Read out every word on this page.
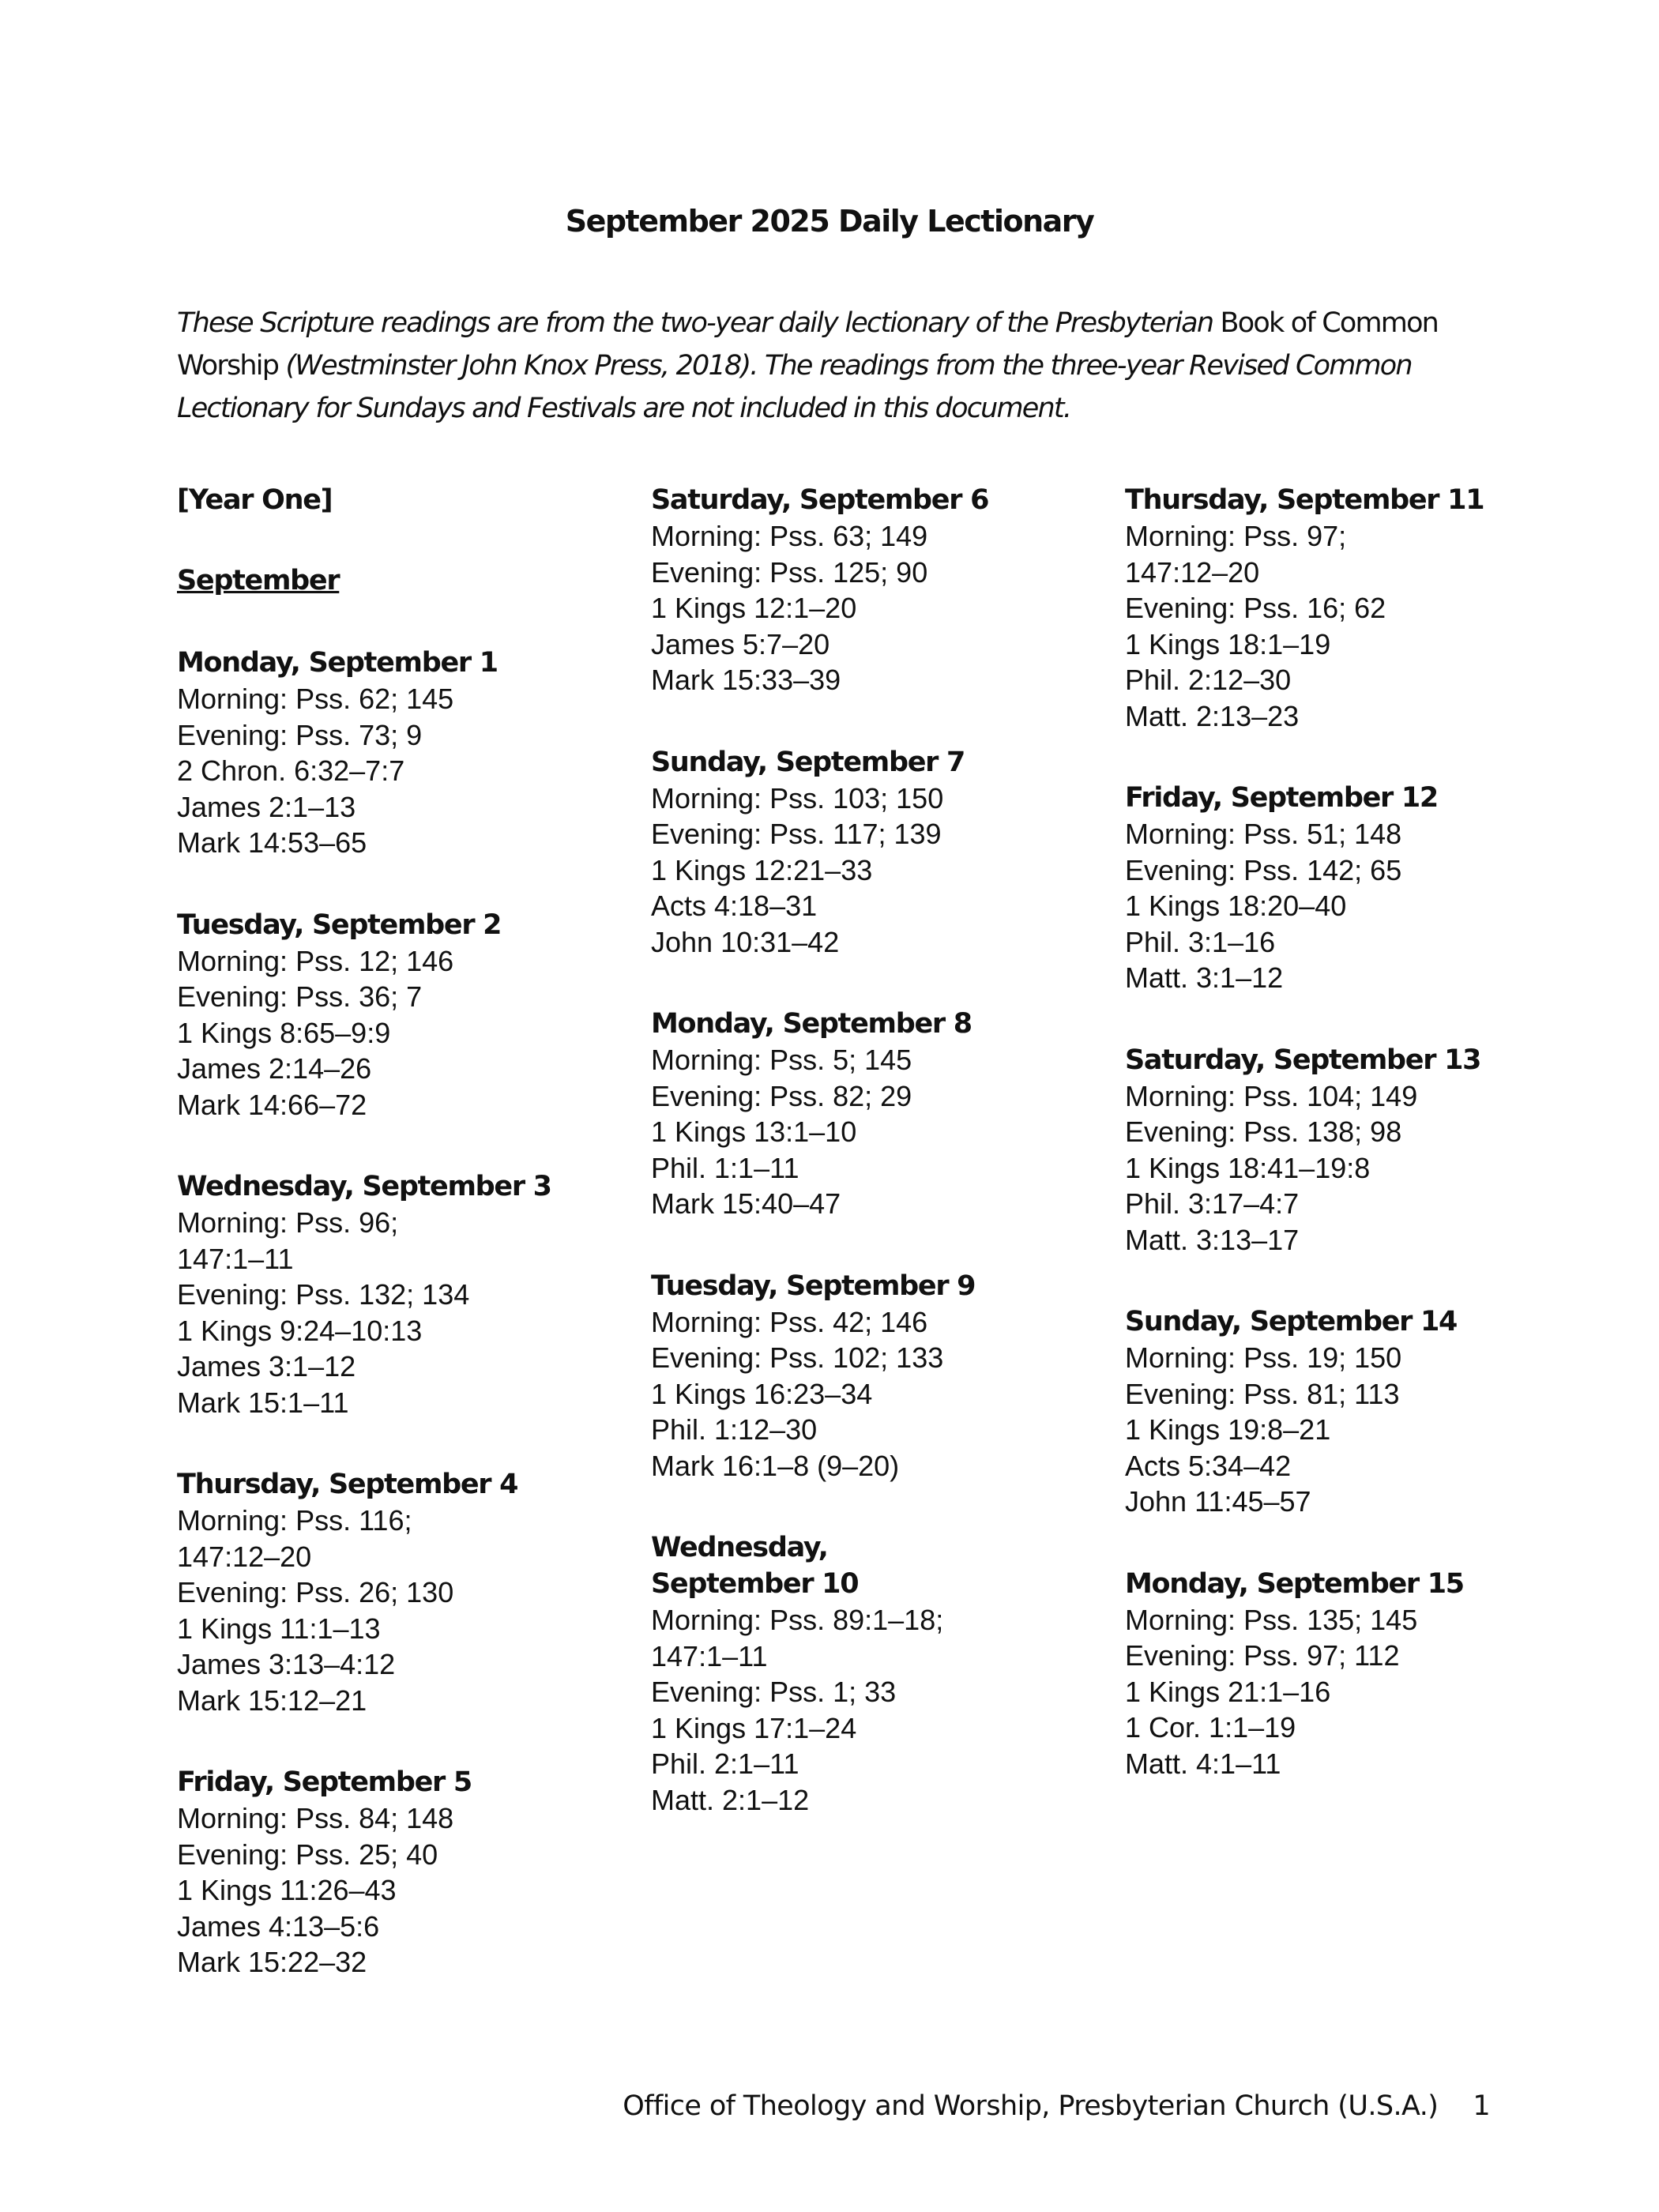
September 2025 Daily Lectionary
These Scripture readings are from the two-year daily lectionary of the Presbyterian Book of Common Worship (Westminster John Knox Press, 2018). The readings from the three-year Revised Common Lectionary for Sundays and Festivals are not included in this document.
[Year One]
September
Monday, September 1
Morning: Pss. 62; 145
Evening: Pss. 73; 9
2 Chron. 6:32–7:7
James 2:1–13
Mark 14:53–65
Tuesday, September 2
Morning: Pss. 12; 146
Evening: Pss. 36; 7
1 Kings 8:65–9:9
James 2:14–26
Mark 14:66–72
Wednesday, September 3
Morning: Pss. 96;
147:1–11
Evening: Pss. 132; 134
1 Kings 9:24–10:13
James 3:1–12
Mark 15:1–11
Thursday, September 4
Morning: Pss. 116;
147:12–20
Evening: Pss. 26; 130
1 Kings 11:1–13
James 3:13–4:12
Mark 15:12–21
Friday, September 5
Morning: Pss. 84; 148
Evening: Pss. 25; 40
1 Kings 11:26–43
James 4:13–5:6
Mark 15:22–32
Saturday, September 6
Morning: Pss. 63; 149
Evening: Pss. 125; 90
1 Kings 12:1–20
James 5:7–20
Mark 15:33–39
Sunday, September 7
Morning: Pss. 103; 150
Evening: Pss. 117; 139
1 Kings 12:21–33
Acts 4:18–31
John 10:31–42
Monday, September 8
Morning: Pss. 5; 145
Evening: Pss. 82; 29
1 Kings 13:1–10
Phil. 1:1–11
Mark 15:40–47
Tuesday, September 9
Morning: Pss. 42; 146
Evening: Pss. 102; 133
1 Kings 16:23–34
Phil. 1:12–30
Mark 16:1–8 (9–20)
Wednesday,
September 10
Morning: Pss. 89:1–18;
147:1–11
Evening: Pss. 1; 33
1 Kings 17:1–24
Phil. 2:1–11
Matt. 2:1–12
Thursday, September 11
Morning: Pss. 97;
147:12–20
Evening: Pss. 16; 62
1 Kings 18:1–19
Phil. 2:12–30
Matt. 2:13–23
Friday, September 12
Morning: Pss. 51; 148
Evening: Pss. 142; 65
1 Kings 18:20–40
Phil. 3:1–16
Matt. 3:1–12
Saturday, September 13
Morning: Pss. 104; 149
Evening: Pss. 138; 98
1 Kings 18:41–19:8
Phil. 3:17–4:7
Matt. 3:13–17
Sunday, September 14
Morning: Pss. 19; 150
Evening: Pss. 81; 113
1 Kings 19:8–21
Acts 5:34–42
John 11:45–57
Monday, September 15
Morning: Pss. 135; 145
Evening: Pss. 97; 112
1 Kings 21:1–16
1 Cor. 1:1–19
Matt. 4:1–11
Office of Theology and Worship, Presbyterian Church (U.S.A.) 1
